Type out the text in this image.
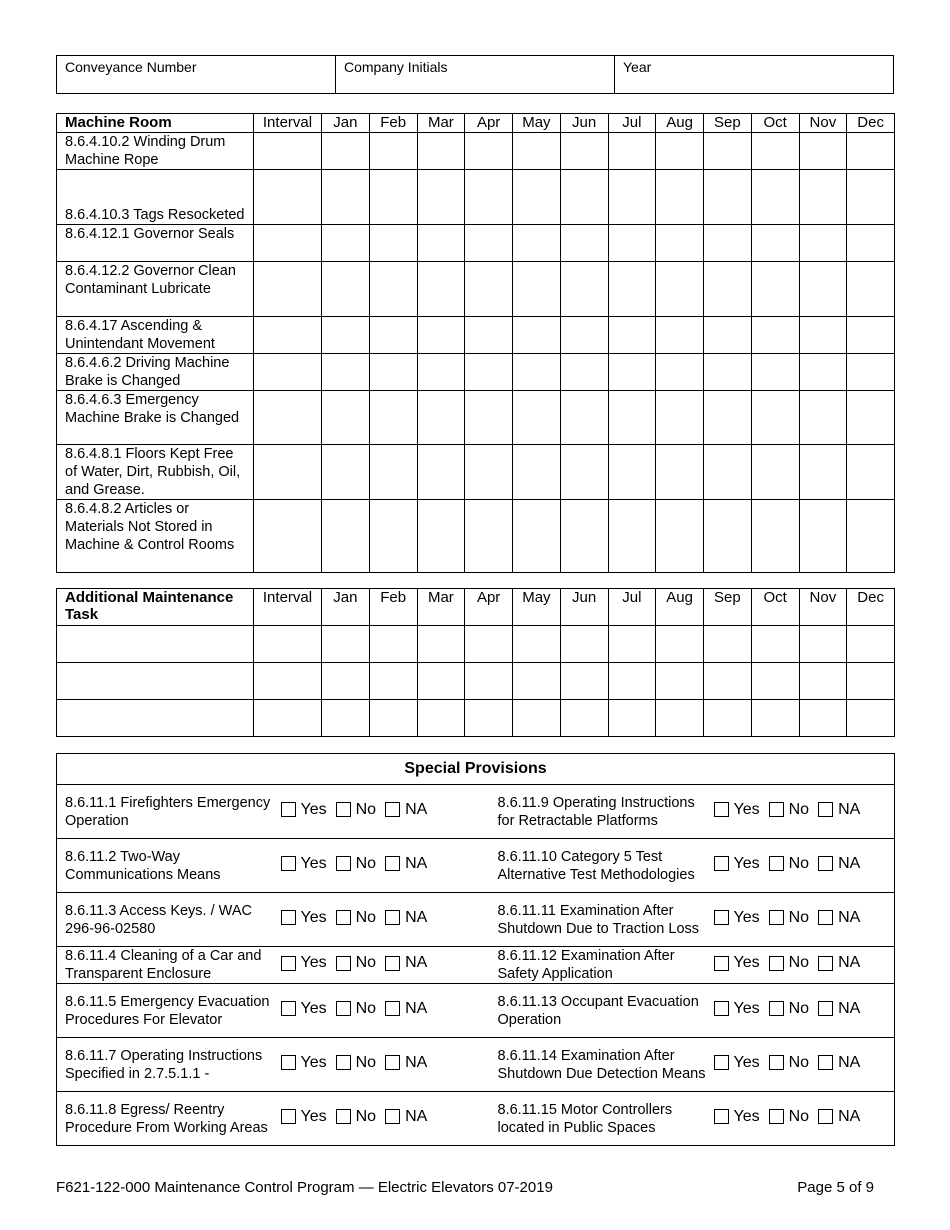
Conveyance Number	Company Initials	Year
Machine Room	Interval	Jan	Feb	Mar	Apr	May	Jun	Jul	Aug	Sep	Oct	Nov	Dec
8.6.4.10.2 Winding Drum Machine Rope													
8.6.4.10.3 Tags Resocketed													
8.6.4.12.1 Governor Seals													
8.6.4.12.2 Governor Clean Contaminant Lubricate													
8.6.4.17 Ascending & Unintendant Movement													
8.6.4.6.2 Driving Machine Brake is Changed													
8.6.4.6.3 Emergency Machine Brake is Changed													
8.6.4.8.1 Floors Kept Free of Water, Dirt, Rubbish, Oil, and Grease.													
8.6.4.8.2 Articles or Materials Not Stored in Machine & Control Rooms													
Additional Maintenance Task	Interval	Jan	Feb	Mar	Apr	May	Jun	Jul	Aug	Sep	Oct	Nov	Dec

Special Provisions			
8.6.11.1 Firefighters Emergency Operation	Yes No NA	8.6.11.9 Operating Instructions for Retractable Platforms	Yes No NA

8.6.11.2 Two-Way Communications Means	Yes No NA	8.6.11.10 Category 5 Test Alternative Test Methodologies	Yes No NA

8.6.11.3 Access Keys. / WAC 296-96-02580	Yes No NA	8.6.11.11 Examination After Shutdown Due to Traction Loss	Yes No NA

8.6.11.4 Cleaning of a Car and Transparent Enclosure	Yes No NA	8.6.11.12 Examination After Safety Application	Yes No NA

8.6.11.5 Emergency Evacuation Procedures For Elevator	Yes No NA	8.6.11.13 Occupant Evacuation Operation	Yes No NA

8.6.11.7 Operating Instructions Specified in 2.7.5.1.1 -	Yes No NA	8.6.11.14 Examination After Shutdown Due Detection Means	Yes No NA

8.6.11.8 Egress/ Reentry Procedure From Working Areas	Yes No NA	8.6.11.15 Motor Controllers located in Public Spaces	Yes No NA
F621-122-000 Maintenance Control Program — Electric Elevators 07-2019	Page 5 of 9
